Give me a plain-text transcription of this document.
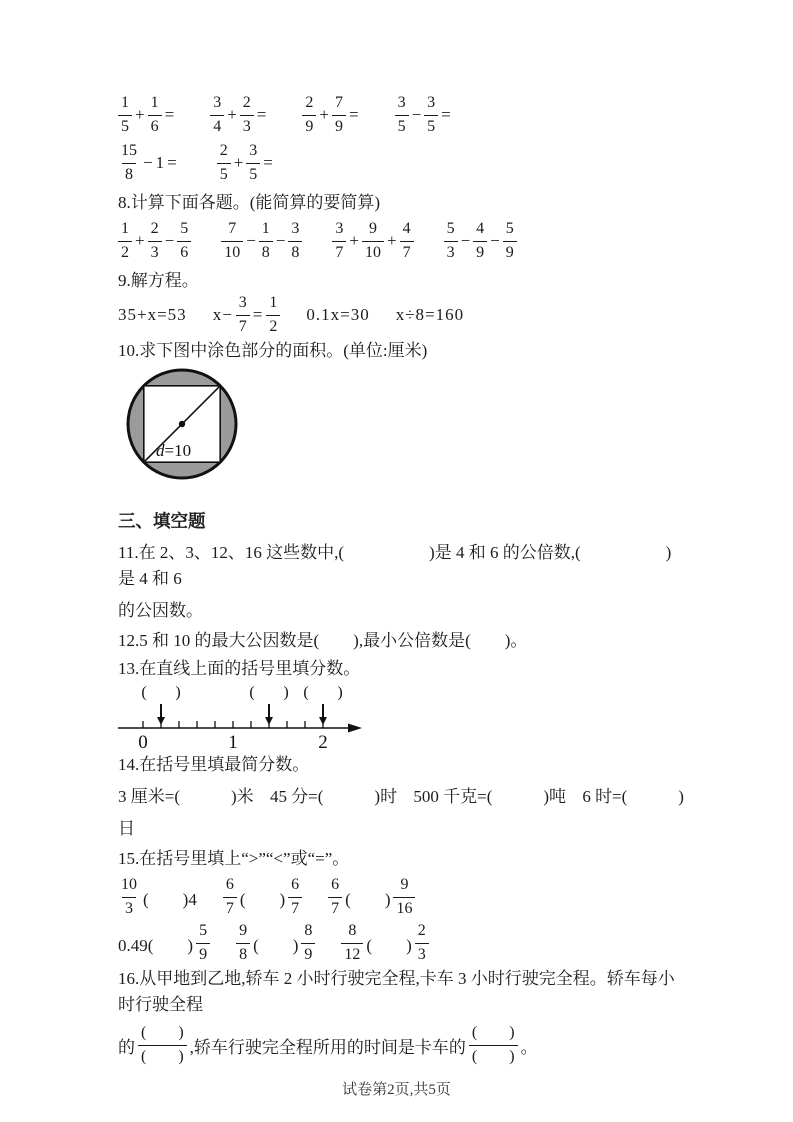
$\frac{1}{5} + \frac{1}{6} = \frac{3}{4} + \frac{2}{3} = \frac{2}{9} + \frac{7}{9} = \frac{3}{5} - \frac{3}{5}$ =
$\frac{15}{8} - 1$ =	$\frac{2}{5} + \frac{3}{5}$ =
8.计算下面各题。(能简算的要简算)
$\frac{1}{2} + \frac{2}{3} - \frac{5}{6} \frac{7}{10} - \frac{1}{8} - \frac{3}{8} \frac{3}{7} + \frac{9}{10} + \frac{4}{7} \frac{5}{3} - \frac{4}{9} - \frac{5}{9}$
9.解方程。
35+x=53 $x- \frac{3}{7} = \frac{1}{2} 0.1x=30$ x÷8=160
10.求下图中涂色部分的面积。(单位:厘米)
d=10
三、填空题
11.在 2、3、12、16 这些数中,(　　　　　)是 4 和 6 的公倍数,(　　　　　)是 4 和 6
的公因数。
12.5 和 10 的最大公因数是(　　),最小公倍数是(　　)。
13.在直线上面的括号里填分数。
0	1	2
( )	( ) ( )
14.在括号里填最简分数。
3 厘米=(　　　)米 45 分=(　　　)时 500 千克=(　　　)吨 6 时=(　　　)
日
15.在括号里填上“>”“<”或“=”。
$\frac{10}{3}$ (　　)$4 \frac{6}{7}$ (　　) $\frac{6}{7} \frac{6}{7}$ (　　) $\frac{9}{16}$
0.49(　　) $\frac{5}{9} \frac{9}{8}$ (　　) $\frac{8}{9} \frac{8}{12}$ (　　) $\frac{2}{3}$
16.从甲地到乙地,轿车 2 小时行驶完全程,卡车 3 小时行驶完全程。轿车每小时行驶全程
的 $\frac{( )}{( )}$ ,轿车行驶完全程所用的时间是卡车的 $\frac{( )}{( )}$ 。
试卷第2页,共5页
